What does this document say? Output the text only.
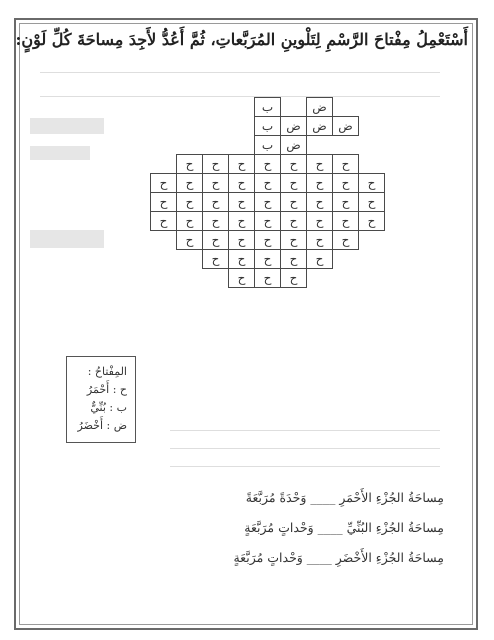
أَسْتَعْمِلُ مِفْتاحَ الرَّسْمِ لِتَلْوينِ المُرَبَّعاتِ، ثُمَّ أَعُدُّ لأَجِدَ مِساحَةَ كُلِّ لَوْنٍ:
ب	ض
ب	ض ض ض
ب	ض
ح	ح	ح	ح	ح	ح	ح
ح	ح	ح	ح	ح	ح	ح	ح	ح
ح	ح	ح	ح	ح	ح	ح	ح	ح
ح	ح	ح	ح	ح	ح	ح	ح	ح
ح	ح	ح	ح	ح	ح	ح
ح	ح	ح	ح	ح
ح	ح	ح
المِفْتاحُ :
ح : أَحْمَرُ
ب : بُنِّيٌّ
ض : أَخْضَرُ
مِساحَةُ الجُزْءِ الأَحْمَرِ ____ وَحْدَةً مُرَبَّعَةً
مِساحَةُ الجُزْءِ البُنِّيِّ ____ وَحْداتٍ مُرَبَّعَةٍ
مِساحَةُ الجُزْءِ الأَخْضَرِ ____ وَحْداتٍ مُرَبَّعَةٍ
